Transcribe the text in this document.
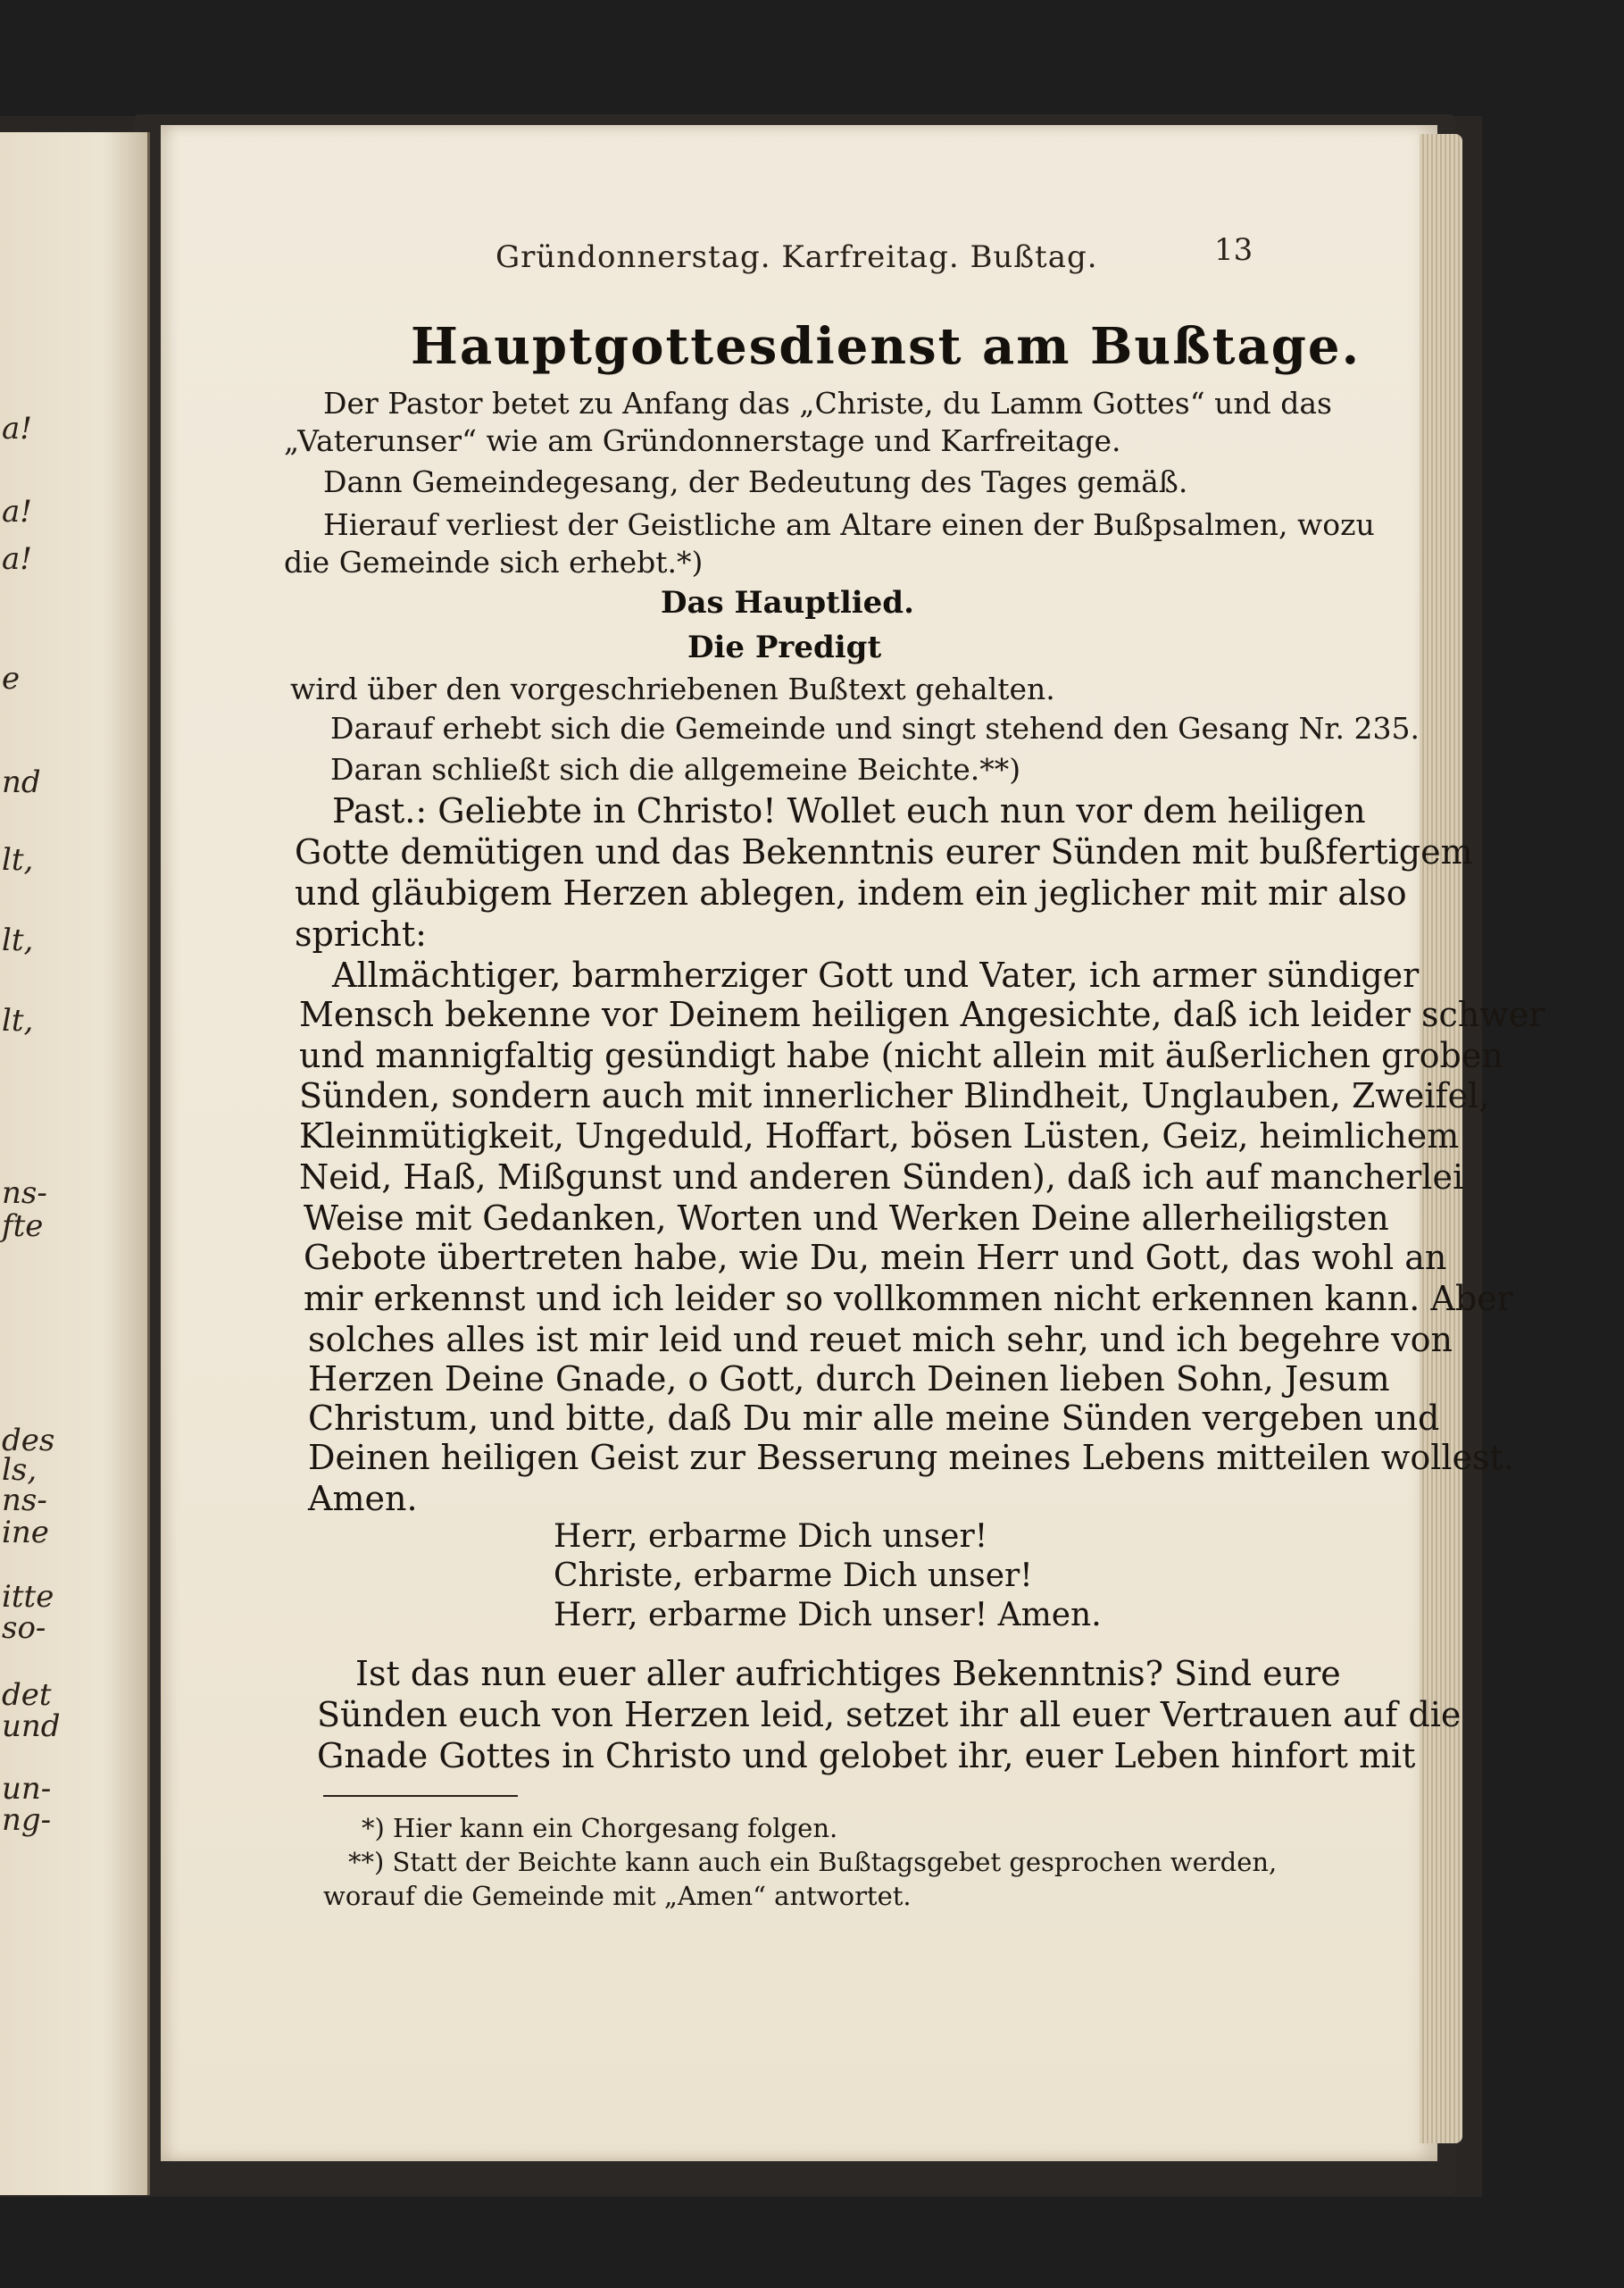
a!
a!
a!
e
nd
lt,
lt,
lt,
ns-
fte
des
ls,
ns-
ine
itte
so-
det
und
un-
ng-
Gründonnerstag. Karfreitag. Bußtag.	13
Hauptgottesdienst am Bußtage.
Der Pastor betet zu Anfang das „Christe, du Lamm Gottes“ und das
„Vaterunser“ wie am Gründonnerstage und Karfreitage.
Dann Gemeindegesang, der Bedeutung des Tages gemäß.
Hierauf verliest der Geistliche am Altare einen der Bußpsalmen, wozu
die Gemeinde sich erhebt.*)
Das Hauptlied.
Die Predigt
wird über den vorgeschriebenen Bußtext gehalten.
Darauf erhebt sich die Gemeinde und singt stehend den Gesang Nr. 235.
Daran schließt sich die allgemeine Beichte.**)
Past.: Geliebte in Christo! Wollet euch nun vor dem heiligen
Gotte demütigen und das Bekenntnis eurer Sünden mit bußfertigem
und gläubigem Herzen ablegen, indem ein jeglicher mit mir also
spricht:
Allmächtiger, barmherziger Gott und Vater, ich armer sündiger
Mensch bekenne vor Deinem heiligen Angesichte, daß ich leider schwer
und mannigfaltig gesündigt habe (nicht allein mit äußerlichen groben
Sünden, sondern auch mit innerlicher Blindheit, Unglauben, Zweifel,
Kleinmütigkeit, Ungeduld, Hoffart, bösen Lüsten, Geiz, heimlichem
Neid, Haß, Mißgunst und anderen Sünden), daß ich auf mancherlei
Weise mit Gedanken, Worten und Werken Deine allerheiligsten
Gebote übertreten habe, wie Du, mein Herr und Gott, das wohl an
mir erkennst und ich leider so vollkommen nicht erkennen kann. Aber
solches alles ist mir leid und reuet mich sehr, und ich begehre von
Herzen Deine Gnade, o Gott, durch Deinen lieben Sohn, Jesum
Christum, und bitte, daß Du mir alle meine Sünden vergeben und
Deinen heiligen Geist zur Besserung meines Lebens mitteilen wollest.
Amen.
Herr, erbarme Dich unser!
Christe, erbarme Dich unser!
Herr, erbarme Dich unser! Amen.
Ist das nun euer aller aufrichtiges Bekenntnis? Sind eure
Sünden euch von Herzen leid, setzet ihr all euer Vertrauen auf die
Gnade Gottes in Christo und gelobet ihr, euer Leben hinfort mit
*) Hier kann ein Chorgesang folgen.
**) Statt der Beichte kann auch ein Bußtagsgebet gesprochen werden,
worauf die Gemeinde mit „Amen“ antwortet.
